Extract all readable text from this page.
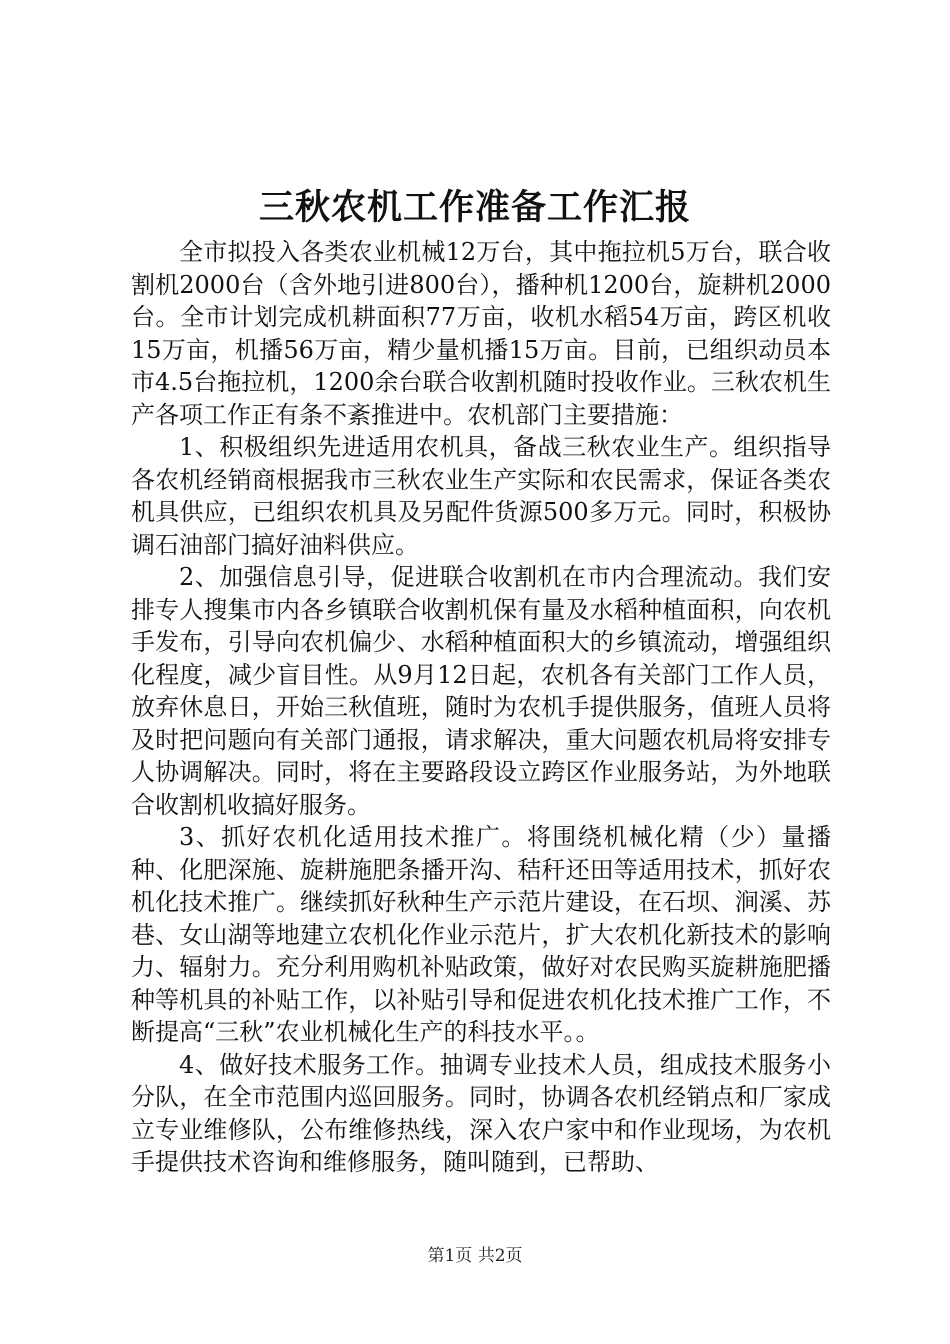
三秋农机工作准备工作汇报

全市拟投入各类农业机械12万台，其中拖拉机5万台，联合收割机2000台（含外地引进800台），播种机1200台，旋耕机2000台。全市计划完成机耕面积77万亩，收机水稻54万亩，跨区机收15万亩，机播56万亩，精少量机播15万亩。目前，已组织动员本市4.5台拖拉机，1200余台联合收割机随时投收作业。三秋农机生产各项工作正有条不紊推进中。农机部门主要措施：

1、积极组织先进适用农机具，备战三秋农业生产。组织指导各农机经销商根据我市三秋农业生产实际和农民需求，保证各类农机具供应，已组织农机具及另配件货源500多万元。同时，积极协调石油部门搞好油料供应。

2、加强信息引导，促进联合收割机在市内合理流动。我们安排专人搜集市内各乡镇联合收割机保有量及水稻种植面积，向农机手发布，引导向农机偏少、水稻种植面积大的乡镇流动，增强组织化程度，减少盲目性。从9月12日起，农机各有关部门工作人员，放弃休息日，开始三秋值班，随时为农机手提供服务，值班人员将及时把问题向有关部门通报，请求解决，重大问题农机局将安排专人协调解决。同时，将在主要路段设立跨区作业服务站，为外地联合收割机收搞好服务。

3、抓好农机化适用技术推广。将围绕机械化精（少）量播种、化肥深施、旋耕施肥条播开沟、秸秆还田等适用技术，抓好农机化技术推广。继续抓好秋种生产示范片建设，在石坝、涧溪、苏巷、女山湖等地建立农机化作业示范片，扩大农机化新技术的影响力、辐射力。充分利用购机补贴政策，做好对农民购买旋耕施肥播种等机具的补贴工作，以补贴引导和促进农机化技术推广工作，不断提高“三秋”农业机械化生产的科技水平。。

4、做好技术服务工作。抽调专业技术人员，组成技术服务小分队，在全市范围内巡回服务。同时，协调各农机经销点和厂家成立专业维修队，公布维修热线，深入农户家中和作业现场，为农机手提供技术咨询和维修服务，随叫随到，已帮助、

第1页 共2页
